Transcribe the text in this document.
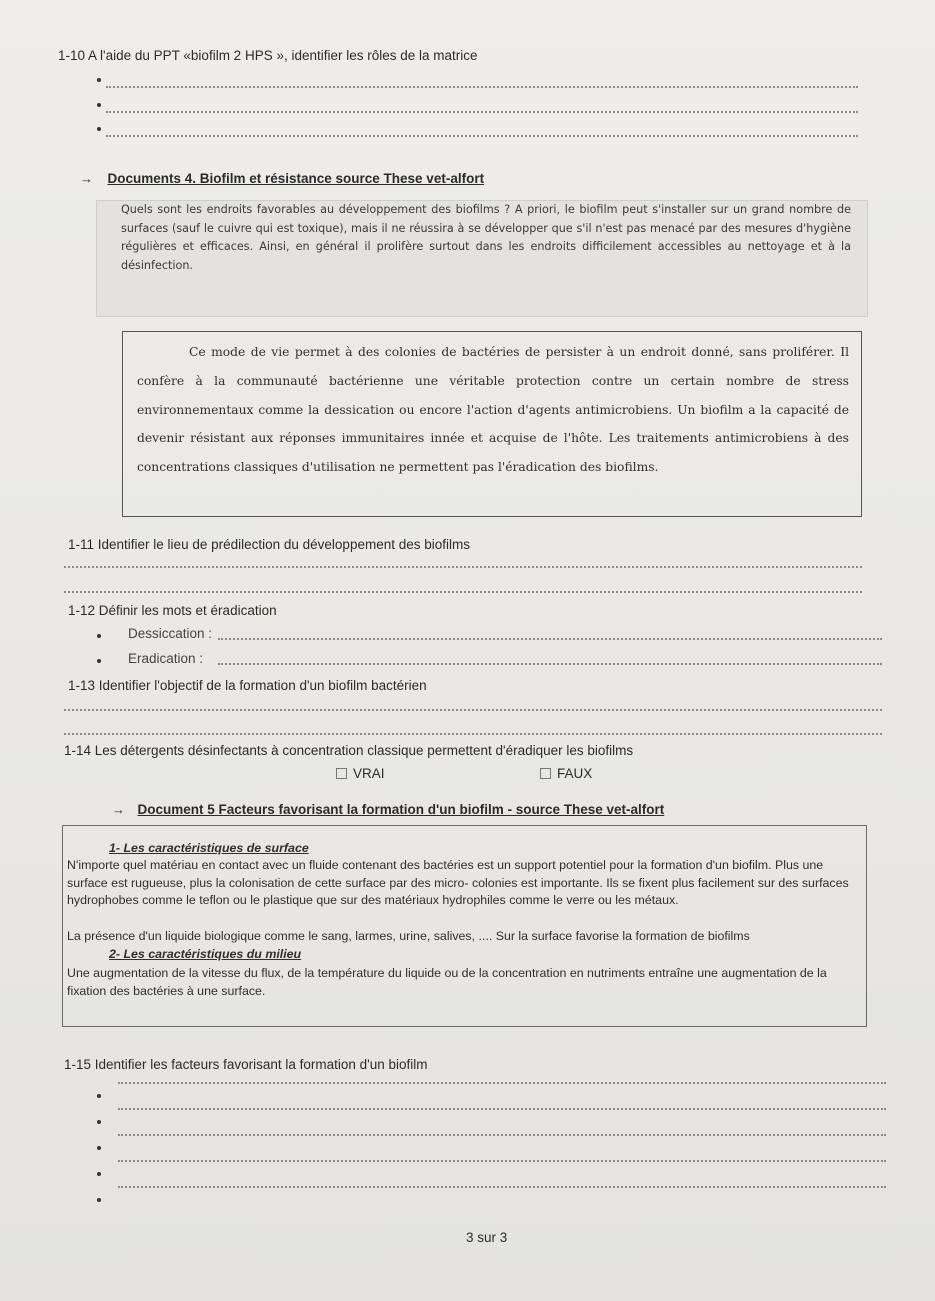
1-10 A l'aide du PPT «biofilm 2 HPS », identifier les rôles de la matrice
→ Documents 4. Biofilm et résistance source These vet-alfort

Quels sont les endroits favorables au développement des biofilms ? A priori, le biofilm peut s'installer sur un grand nombre de surfaces (sauf le cuivre qui est toxique), mais il ne réussira à se développer que s'il n'est pas menacé par des mesures d'hygiène régulières et efficaces. Ainsi, en général il prolifère surtout dans les endroits difficilement accessibles au nettoyage et à la désinfection.

Ce mode de vie permet à des colonies de bactéries de persister à un endroit donné, sans proliférer. Il confère à la communauté bactérienne une véritable protection contre un certain nombre de stress environnementaux comme la dessication ou encore l'action d'agents antimicrobiens. Un biofilm a la capacité de devenir résistant aux réponses immunitaires innée et acquise de l'hôte. Les traitements antimicrobiens à des concentrations classiques d'utilisation ne permettent pas l'éradication des biofilms.

1-11 Identifier le lieu de prédilection du développement des biofilms
1-12 Définir les mots et éradication
Dessiccation :
Eradication :
1-13 Identifier l'objectif de la formation d'un biofilm bactérien
1-14 Les détergents désinfectants à concentration classique permettent d'éradiquer les biofilms
VRAI	FAUX
→ Document 5 Facteurs favorisant la formation d'un biofilm - source These vet-alfort

1- Les caractéristiques de surface

N'importe quel matériau en contact avec un fluide contenant des bactéries est un support potentiel pour la formation d'un biofilm. Plus une surface est rugueuse, plus la colonisation de cette surface par des micro- colonies est importante. Ils se fixent plus facilement sur des surfaces hydrophobes comme le teflon ou le plastique que sur des matériaux hydrophiles comme le verre ou les métaux.

La présence d'un liquide biologique comme le sang, larmes, urine, salives, .... Sur la surface favorise la formation de biofilms

2- Les caractéristiques du milieu

Une augmentation de la vitesse du flux, de la température du liquide ou de la concentration en nutriments entraîne une augmentation de la fixation des bactéries à une surface.

1-15 Identifier les facteurs favorisant la formation d'un biofilm
3 sur 3
